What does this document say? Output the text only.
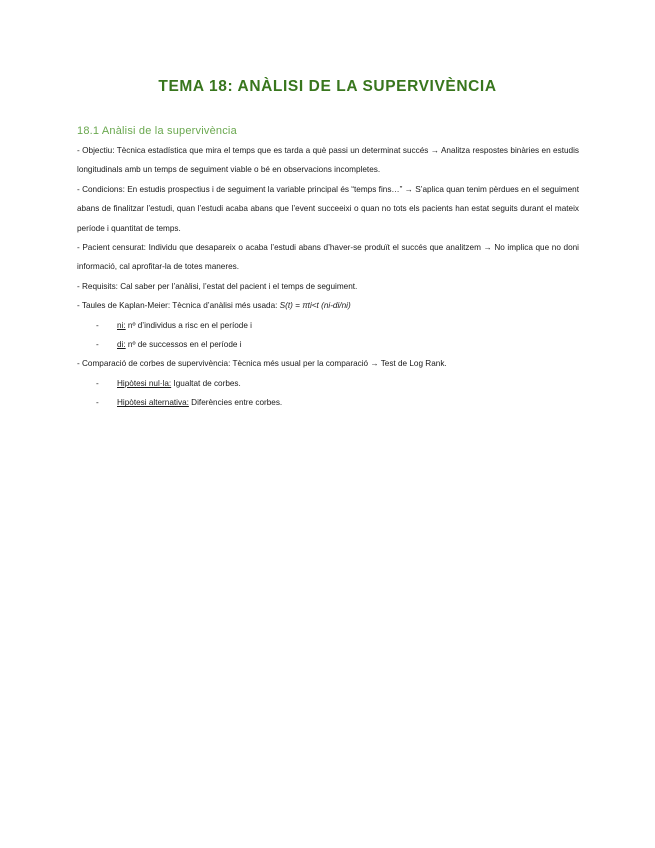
TEMA 18: ANÀLISI DE LA SUPERVIVÈNCIA
18.1 Anàlisi de la supervivència

- Objectiu: Tècnica estadística que mira el temps que es tarda a què passi un determinat succés → Analitza respostes binàries en estudis longitudinals amb un temps de seguiment viable o bé en observacions incompletes.

- Condicions: En estudis prospectius i de seguiment la variable principal és “temps fins…” → S’aplica quan tenim pèrdues en el seguiment abans de finalitzar l’estudi, quan l’estudi acaba abans que l’event succeeixi o quan no tots els pacients han estat seguits durant el mateix període i quantitat de temps.

- Pacient censurat: Individu que desapareix o acaba l’estudi abans d’haver-se produït el succés que analitzem → No implica que no doni informació, cal aprofitar-la de totes maneres.

- Requisits: Cal saber per l’anàlisi, l’estat del pacient i el temps de seguiment.

- Taules de Kaplan-Meier: Tècnica d’anàlisi més usada: S(t) = πti<t (ni-di/ni)

-	ni: nº d’individus a risc en el període i
-	di: nº de successos en el període i

- Comparació de corbes de supervivència: Tècnica més usual per la comparació → Test de Log Rank.

-	Hipòtesi nul·la: Igualtat de corbes.
-	Hipòtesi alternativa: Diferències entre corbes.
